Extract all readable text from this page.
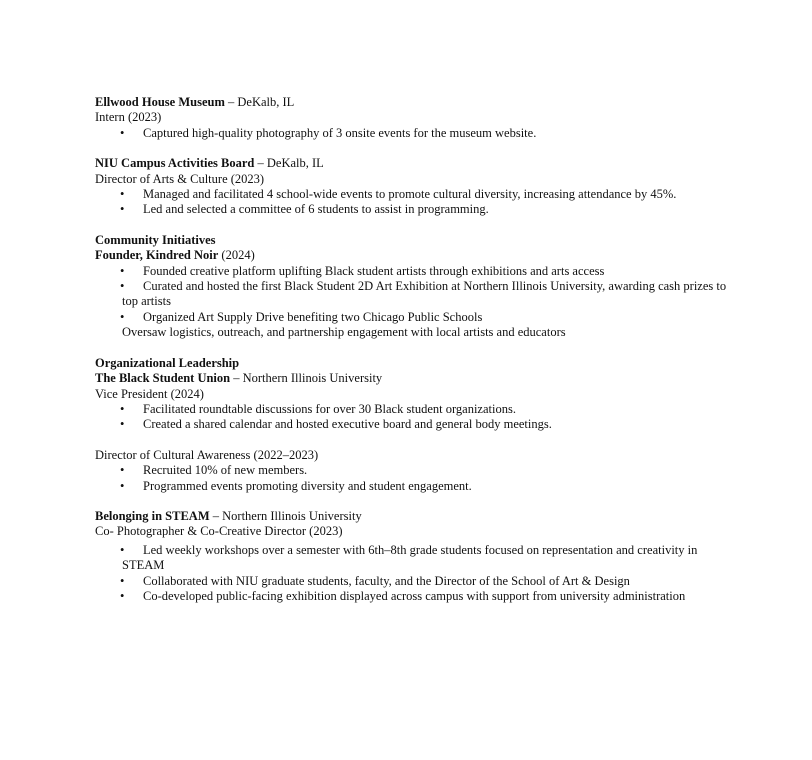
Ellwood House Museum – DeKalb, IL
Intern (2023)
• Captured high-quality photography of 3 onsite events for the museum website.
NIU Campus Activities Board – DeKalb, IL
Director of Arts & Culture (2023)
• Managed and facilitated 4 school-wide events to promote cultural diversity, increasing attendance by 45%.
• Led and selected a committee of 6 students to assist in programming.
Community Initiatives
Founder, Kindred Noir (2024)
• Founded creative platform uplifting Black student artists through exhibitions and arts access
• Curated and hosted the first Black Student 2D Art Exhibition at Northern Illinois University, awarding cash prizes to top artists
• Organized Art Supply Drive benefiting two Chicago Public Schools
Oversaw logistics, outreach, and partnership engagement with local artists and educators
Organizational Leadership
The Black Student Union – Northern Illinois University
Vice President (2024)
• Facilitated roundtable discussions for over 30 Black student organizations.
• Created a shared calendar and hosted executive board and general body meetings.
Director of Cultural Awareness (2022–2023)
• Recruited 10% of new members.
• Programmed events promoting diversity and student engagement.
Belonging in STEAM – Northern Illinois University
Co- Photographer & Co-Creative Director (2023)
• Led weekly workshops over a semester with 6th–8th grade students focused on representation and creativity in STEAM
• Collaborated with NIU graduate students, faculty, and the Director of the School of Art & Design
• Co-developed public-facing exhibition displayed across campus with support from university administration
